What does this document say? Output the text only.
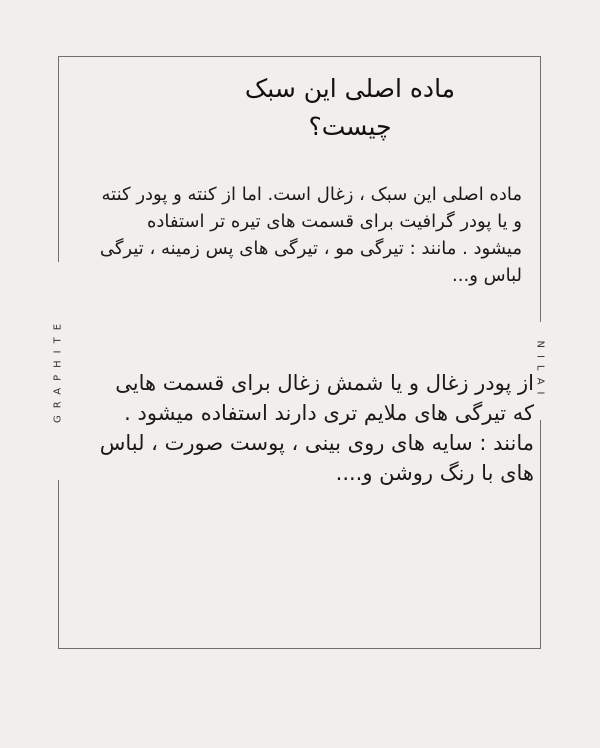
GRAPHITE	NILAI
ماده اصلی این سبک چیست؟
ماده اصلی این سبک ، زغال است. اما از کنته و پودر کنته و یا پودر گرافیت برای قسمت های تیره تر استفاده میشود . مانند : تیرگی مو ، تیرگی های پس زمینه ، تیرگی لباس و...
از پودر زغال و یا شمش زغال برای قسمت هایی که تیرگی های ملایم تری دارند استفاده میشود . مانند : سایه های روی بینی ، پوست صورت ، لباس های با رنگ روشن و....
